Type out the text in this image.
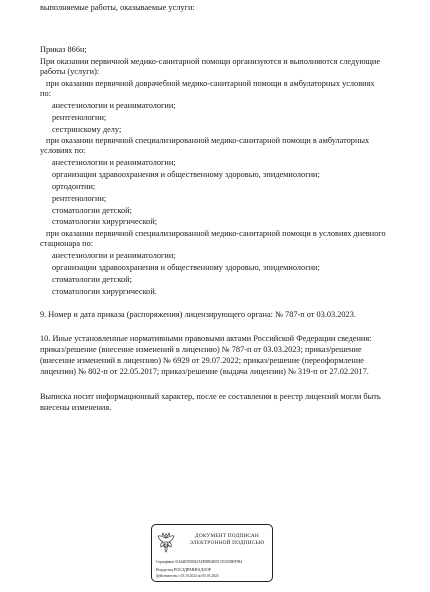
выполняемые работы, оказываемые услуги:

Приказ 866н;

При оказании первичной медико-санитарной помощи организуются и выполняются следующие

работы (услуги):

при оказании первичной доврачебной медико-санитарной помощи в амбулаторных условиях

по:

анестезиологии и реаниматологии;

рентгенологии;

сестринскому делу;

при оказании первичной специализированной медико-санитарной помощи в амбулаторных

условиях по:

анестезиологии и реаниматологии;

организации здравоохранения и общественному здоровью, эпидемиологии;

ортодонтии;

рентгенологии;

стоматологии детской;

стоматологии хирургической;

при оказании первичной специализированной медико-санитарной помощи в условиях дневного

стационара по:

анестезиологии и реаниматологии;

организации здравоохранения и общественному здоровью, эпидемиологии;

стоматологии детской;

стоматологии хирургической.

9. Номер и дата приказа (распоряжения) лицензирующего органа: № 787-п от 03.03.2023.

10. Иные установленные нормативными правовыми актами Российской Федерации сведения:

приказ/решение (внесение изменений в лицензию) № 787-п от 03.03.2023; приказ/решение

(внесение изменений в лицензию) № 6929 от 29.07.2022; приказ/решение (переоформление

лицензии) № 802-п от 22.05.2017; приказ/решение (выдача лицензии) № 319-п от 27.02.2017.

Выписка носит информационный характер, после ее составления в реестр лицензий могли быть

внесены изменения.

ДОКУМЕНТ ПОДПИСАН
ЭЛЕКТРОННОЙ ПОДПИСЬЮ
Сертификат 01644EFD0025AFD9B94ED1CE505DBF984
Владелец РОСЗДРАВНАДЗОР
Действителен с 05.10.2022 по 05.01.2024
